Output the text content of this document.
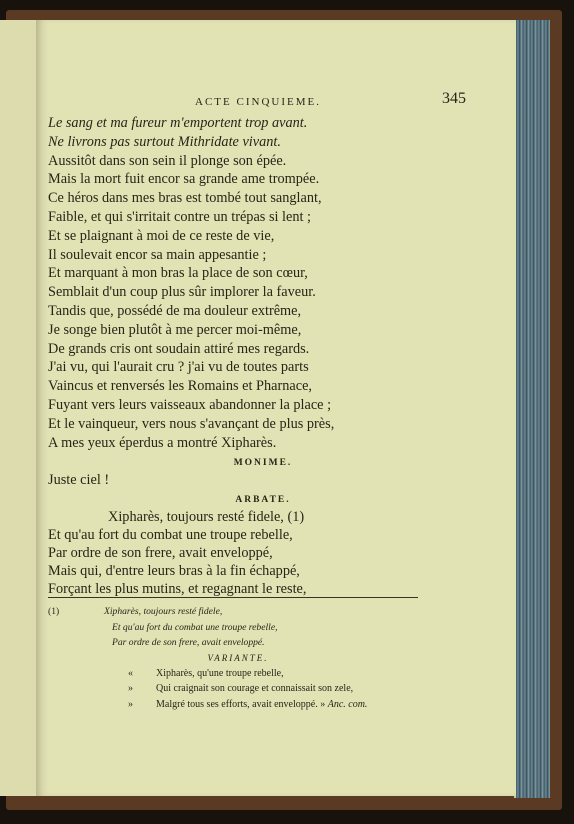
ACTE CINQUIEME.	345

Le sang et ma fureur m'emportent trop avant.

Ne livrons pas surtout Mithridate vivant.

Aussitôt dans son sein il plonge son épée.

Mais la mort fuit encor sa grande ame trompée.

Ce héros dans mes bras est tombé tout sanglant,

Faible, et qui s'irritait contre un trépas si lent ;

Et se plaignant à moi de ce reste de vie,

Il soulevait encor sa main appesantie ;

Et marquant à mon bras la place de son cœur,

Semblait d'un coup plus sûr implorer la faveur.

Tandis que, possédé de ma douleur extrême,

Je songe bien plutôt à me percer moi-même,

De grands cris ont soudain attiré mes regards.

J'ai vu, qui l'aurait cru ? j'ai vu de toutes parts

Vaincus et renversés les Romains et Pharnace,

Fuyant vers leurs vaisseaux abandonner la place ;

Et le vainqueur, vers nous s'avançant de plus près,

A mes yeux éperdus a montré Xipharès.

MONIME.

Juste ciel !

ARBATE.

Xipharès, toujours resté fidele, (1)

Et qu'au fort du combat une troupe rebelle,

Par ordre de son frere, avait enveloppé,

Mais qui, d'entre leurs bras à la fin échappé,

Forçant les plus mutins, et regagnant le reste,

(1)	Xipharès, toujours resté fidele,

Et qu'au fort du combat une troupe rebelle,

Par ordre de son frere, avait enveloppé.

VARIANTE.

« Xipharès, qu'une troupe rebelle,

» Qui craignait son courage et connaissait son zele,

» Malgré tous ses efforts, avait enveloppé. » Anc. com.
